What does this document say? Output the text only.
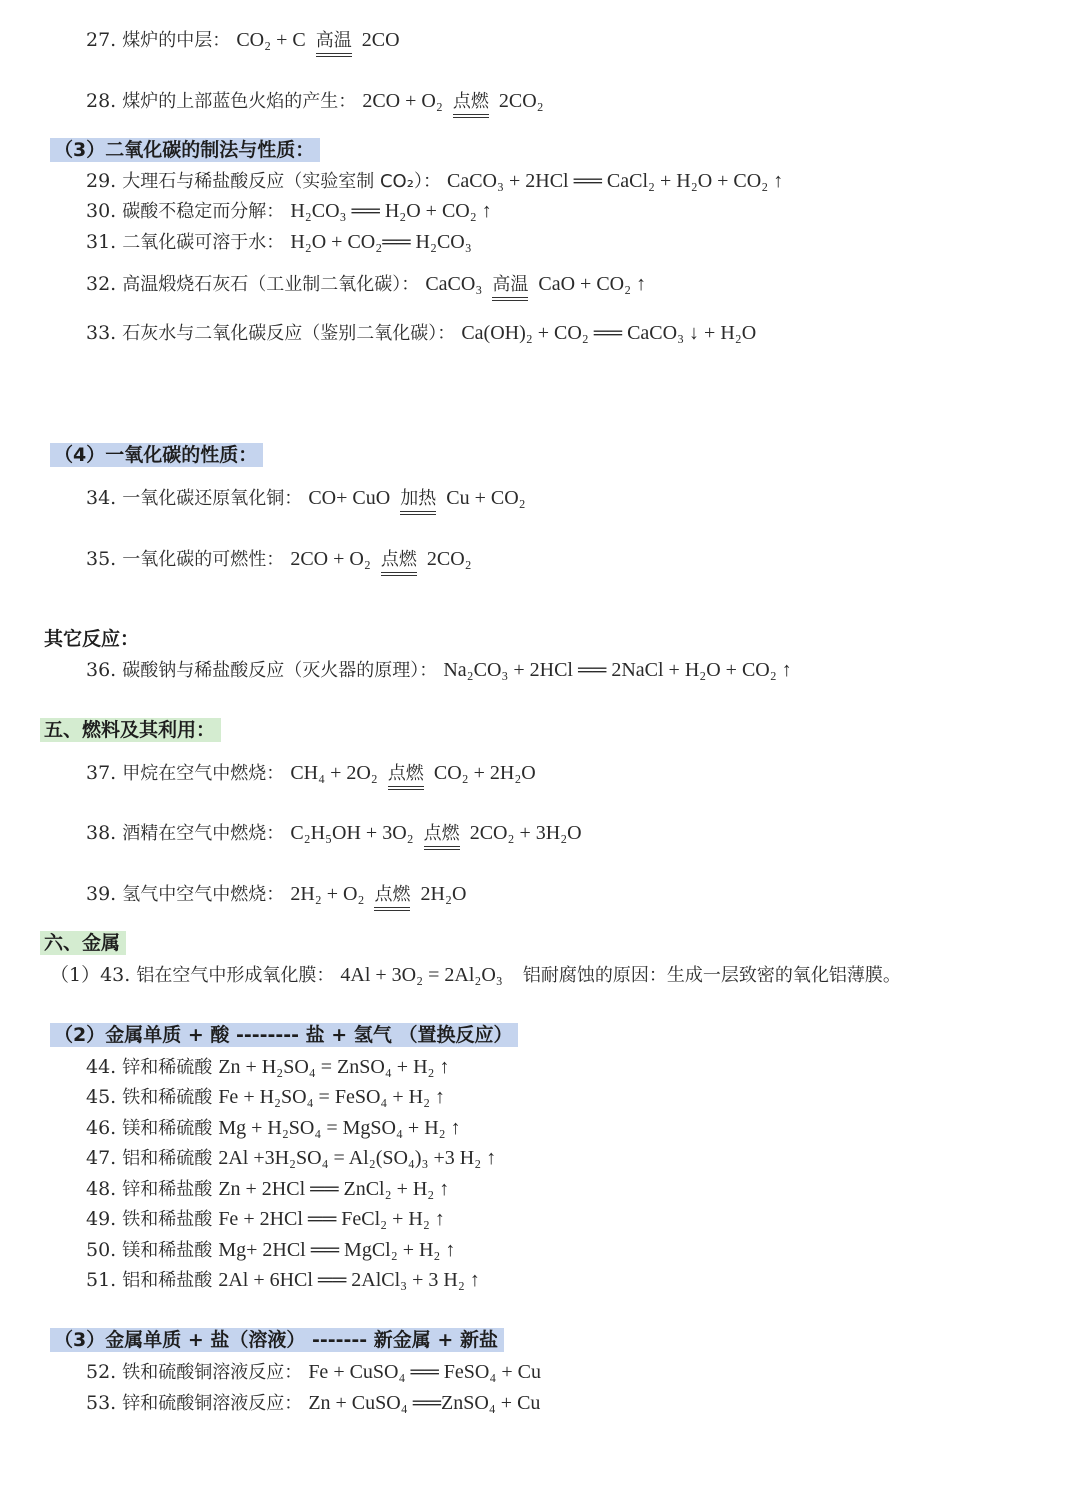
27. 煤炉的中层： CO₂ + C 高温 2CO
28. 煤炉的上部蓝色火焰的产生： 2CO + O₂ 点燃 2CO₂
（3）二氧化碳的制法与性质：
29. 大理石与稀盐酸反应（实验室制 CO₂）： CaCO₃ + 2HCl ══ CaCl₂ + H₂O + CO₂ ↑
30. 碳酸不稳定而分解： H₂CO₃ ══ H₂O + CO₂ ↑
31. 二氧化碳可溶于水： H₂O + CO₂══ H₂CO₃
32. 高温煅烧石灰石（工业制二氧化碳）： CaCO₃ 高温 CaO + CO₂ ↑
33. 石灰水与二氧化碳反应（鉴别二氧化碳）： Ca(OH)₂ + CO₂ ══ CaCO₃ ↓ + H₂O
（4）一氧化碳的性质：
34. 一氧化碳还原氧化铜： CO+ CuO 加热 Cu + CO₂
35. 一氧化碳的可燃性： 2CO + O₂ 点燃 2CO₂
其它反应：
36. 碳酸钠与稀盐酸反应（灭火器的原理）： Na₂CO₃ + 2HCl ══ 2NaCl + H₂O + CO₂ ↑
五、燃料及其利用：
37. 甲烷在空气中燃烧： CH₄ + 2O₂ 点燃 CO₂ + 2H₂O
38. 酒精在空气中燃烧： C₂H₅OH + 3O₂ 点燃 2CO₂ + 3H₂O
39. 氢气中空气中燃烧： 2H₂ + O₂ 点燃 2H₂O
六、金属
（1）43. 铝在空气中形成氧化膜： 4Al + 3O₂ = 2Al₂O₃ 铝耐腐蚀的原因：生成一层致密的氧化铝薄膜。
（2）金属单质 + 酸 -------- 盐 + 氢气 （置换反应）
44. 锌和稀硫酸 Zn + H₂SO₄ = ZnSO₄ + H₂ ↑
45. 铁和稀硫酸 Fe + H₂SO₄ = FeSO₄ + H₂ ↑
46. 镁和稀硫酸 Mg + H₂SO₄ = MgSO₄ + H₂ ↑
47. 铝和稀硫酸 2Al +3H₂SO₄ = Al₂(SO₄)₃ +3 H₂ ↑
48. 锌和稀盐酸 Zn + 2HCl ══ ZnCl₂ + H₂ ↑
49. 铁和稀盐酸 Fe + 2HCl ══ FeCl₂ + H₂ ↑
50. 镁和稀盐酸 Mg+ 2HCl ══ MgCl₂ + H₂ ↑
51. 铝和稀盐酸 2Al + 6HCl ══ 2AlCl₃ + 3 H₂ ↑
（3）金属单质 + 盐（溶液） ------- 新金属 + 新盐
52. 铁和硫酸铜溶液反应： Fe + CuSO₄ ══ FeSO₄ + Cu
53. 锌和硫酸铜溶液反应： Zn + CuSO₄ ══ZnSO₄ + Cu
